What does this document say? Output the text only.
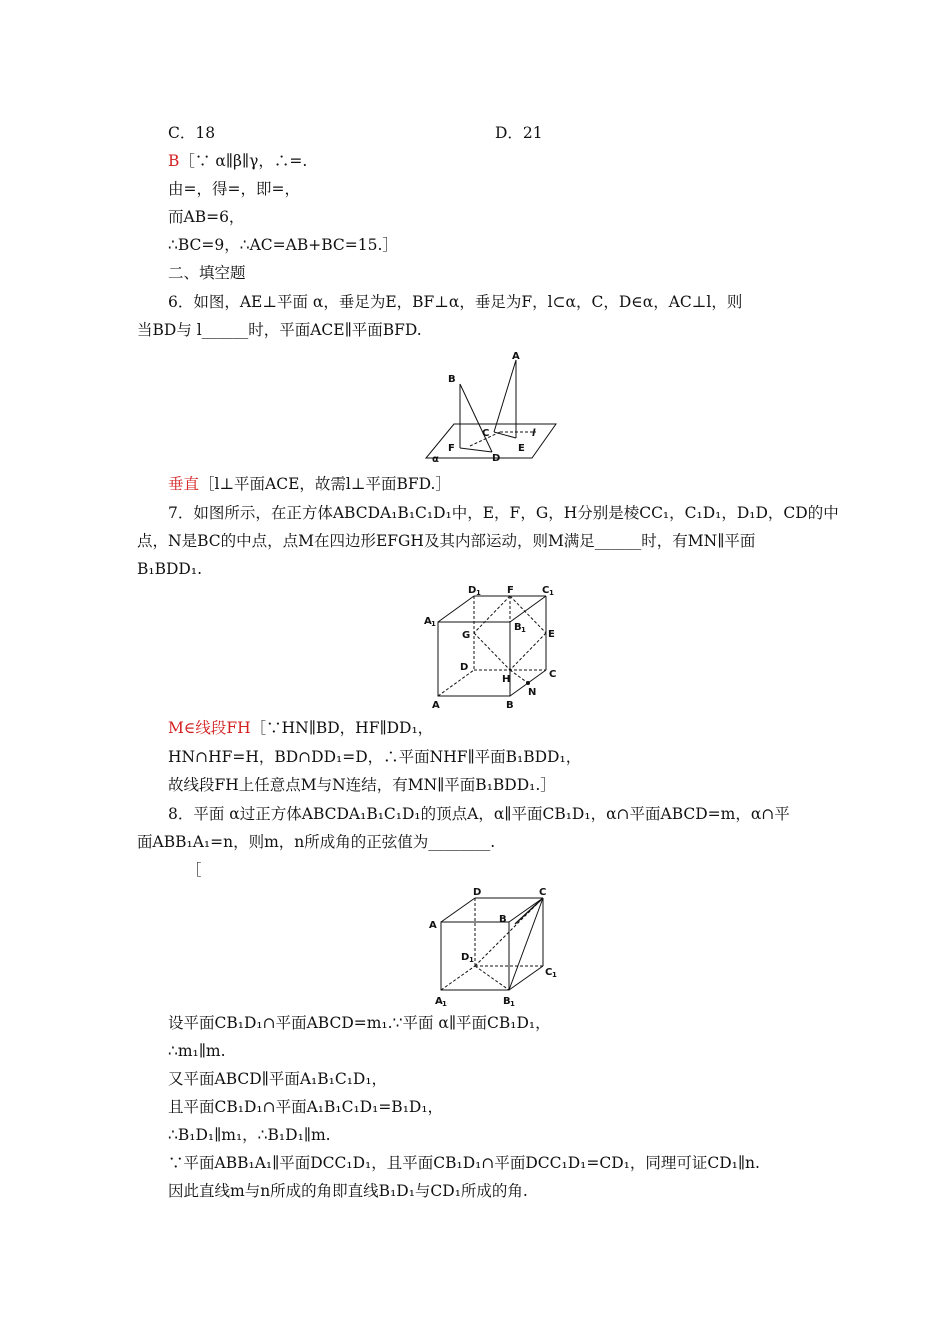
C．18	D．21
B［∵ α∥β∥γ，∴=.
由=，得=，即=，
而AB=6，
∴BC=9，∴AC=AB+BC=15.］
二、填空题
6．如图，AE⊥平面 α，垂足为E，BF⊥α，垂足为F，l⊂α，C，D∈α，AC⊥l，则
当BD与 l______时，平面ACE∥平面BFD.
A
B
C	l
F
α	D
E
垂直［l⊥平面ACE，故需l⊥平面BFD.］
7．如图所示，在正方体ABCDA₁B₁C₁D₁中，E，F，G，H分别是棱CC₁，C₁D₁，D₁D，CD的中
点，N是BC的中点，点M在四边形EFGH及其内部运动，则M满足______时，有MN∥平面
B₁BDD₁.
D 1	F	C 1
A 1
G
B 1 E
D
C
H
N
A	B
M∈线段FH［∵HN∥BD，HF∥DD₁，
HN∩HF=H，BD∩DD₁=D，∴平面NHF∥平面B₁BDD₁，
故线段FH上任意点M与N连结，有MN∥平面B₁BDD₁.］
8．平面 α过正方体ABCDA₁B₁C₁D₁的顶点A，α∥平面CB₁D₁，α∩平面ABCD=m，α∩平
面ABB₁A₁=n，则m，n所成角的正弦值为________.
［
D	C
B
A
D 1
C 1
A 1	B 1
设平面CB₁D₁∩平面ABCD=m₁.∵平面 α∥平面CB₁D₁，
∴m₁∥m.
又平面ABCD∥平面A₁B₁C₁D₁，
且平面CB₁D₁∩平面A₁B₁C₁D₁=B₁D₁，
∴B₁D₁∥m₁，∴B₁D₁∥m.
∵平面ABB₁A₁∥平面DCC₁D₁，且平面CB₁D₁∩平面DCC₁D₁=CD₁，同理可证CD₁∥n.
因此直线m与n所成的角即直线B₁D₁与CD₁所成的角.
